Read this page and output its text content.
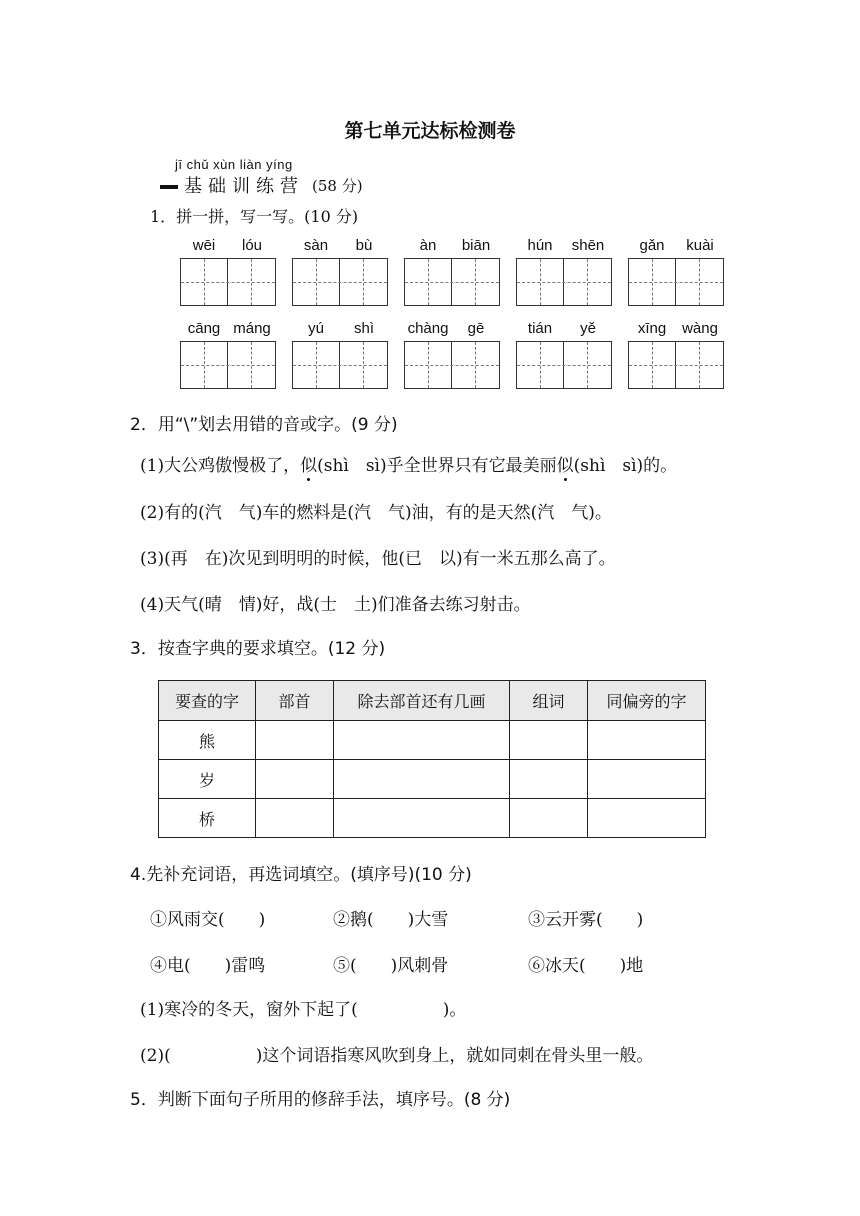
第七单元达标检测卷
jī chǔ xùn liàn yíng
基础训练营 (58 分)
1．拼一拼，写一写。(10 分)
wēi	lóu	sàn	bù	àn	biān	hún	shēn	gǎn	kuài
cāng máng	yú	shì	chàng	gē	tián	yě	xīng	wàng
2．用“\”划去用错的音或字。(9 分)
(1)大公鸡傲慢极了，似(shì　sì)乎全世界只有它最美丽似(shì　sì)的。
(2)有的(汽　气)车的燃料是(汽　气)油，有的是天然(汽　气)。
(3)(再　在)次见到明明的时候，他(已　以)有一米五那么高了。
(4)天气(晴　情)好，战(士　土)们准备去练习射击。
3．按查字典的要求填空。(12 分)
要查的字	部首	除去部首还有几画	组词	同偏旁的字
熊				
岁				
桥				
4.先补充词语，再选词填空。(填序号)(10 分)
①风雨交(　　)	②鹅(　　)大雪	③云开雾(　　)
④电(　　)雷鸣	⑤(　　)风刺骨	⑥冰天(　　)地
(1)寒冷的冬天，窗外下起了(　　　　　)。
(2)(　　　　　)这个词语指寒风吹到身上，就如同刺在骨头里一般。
5．判断下面句子所用的修辞手法，填序号。(8 分)
